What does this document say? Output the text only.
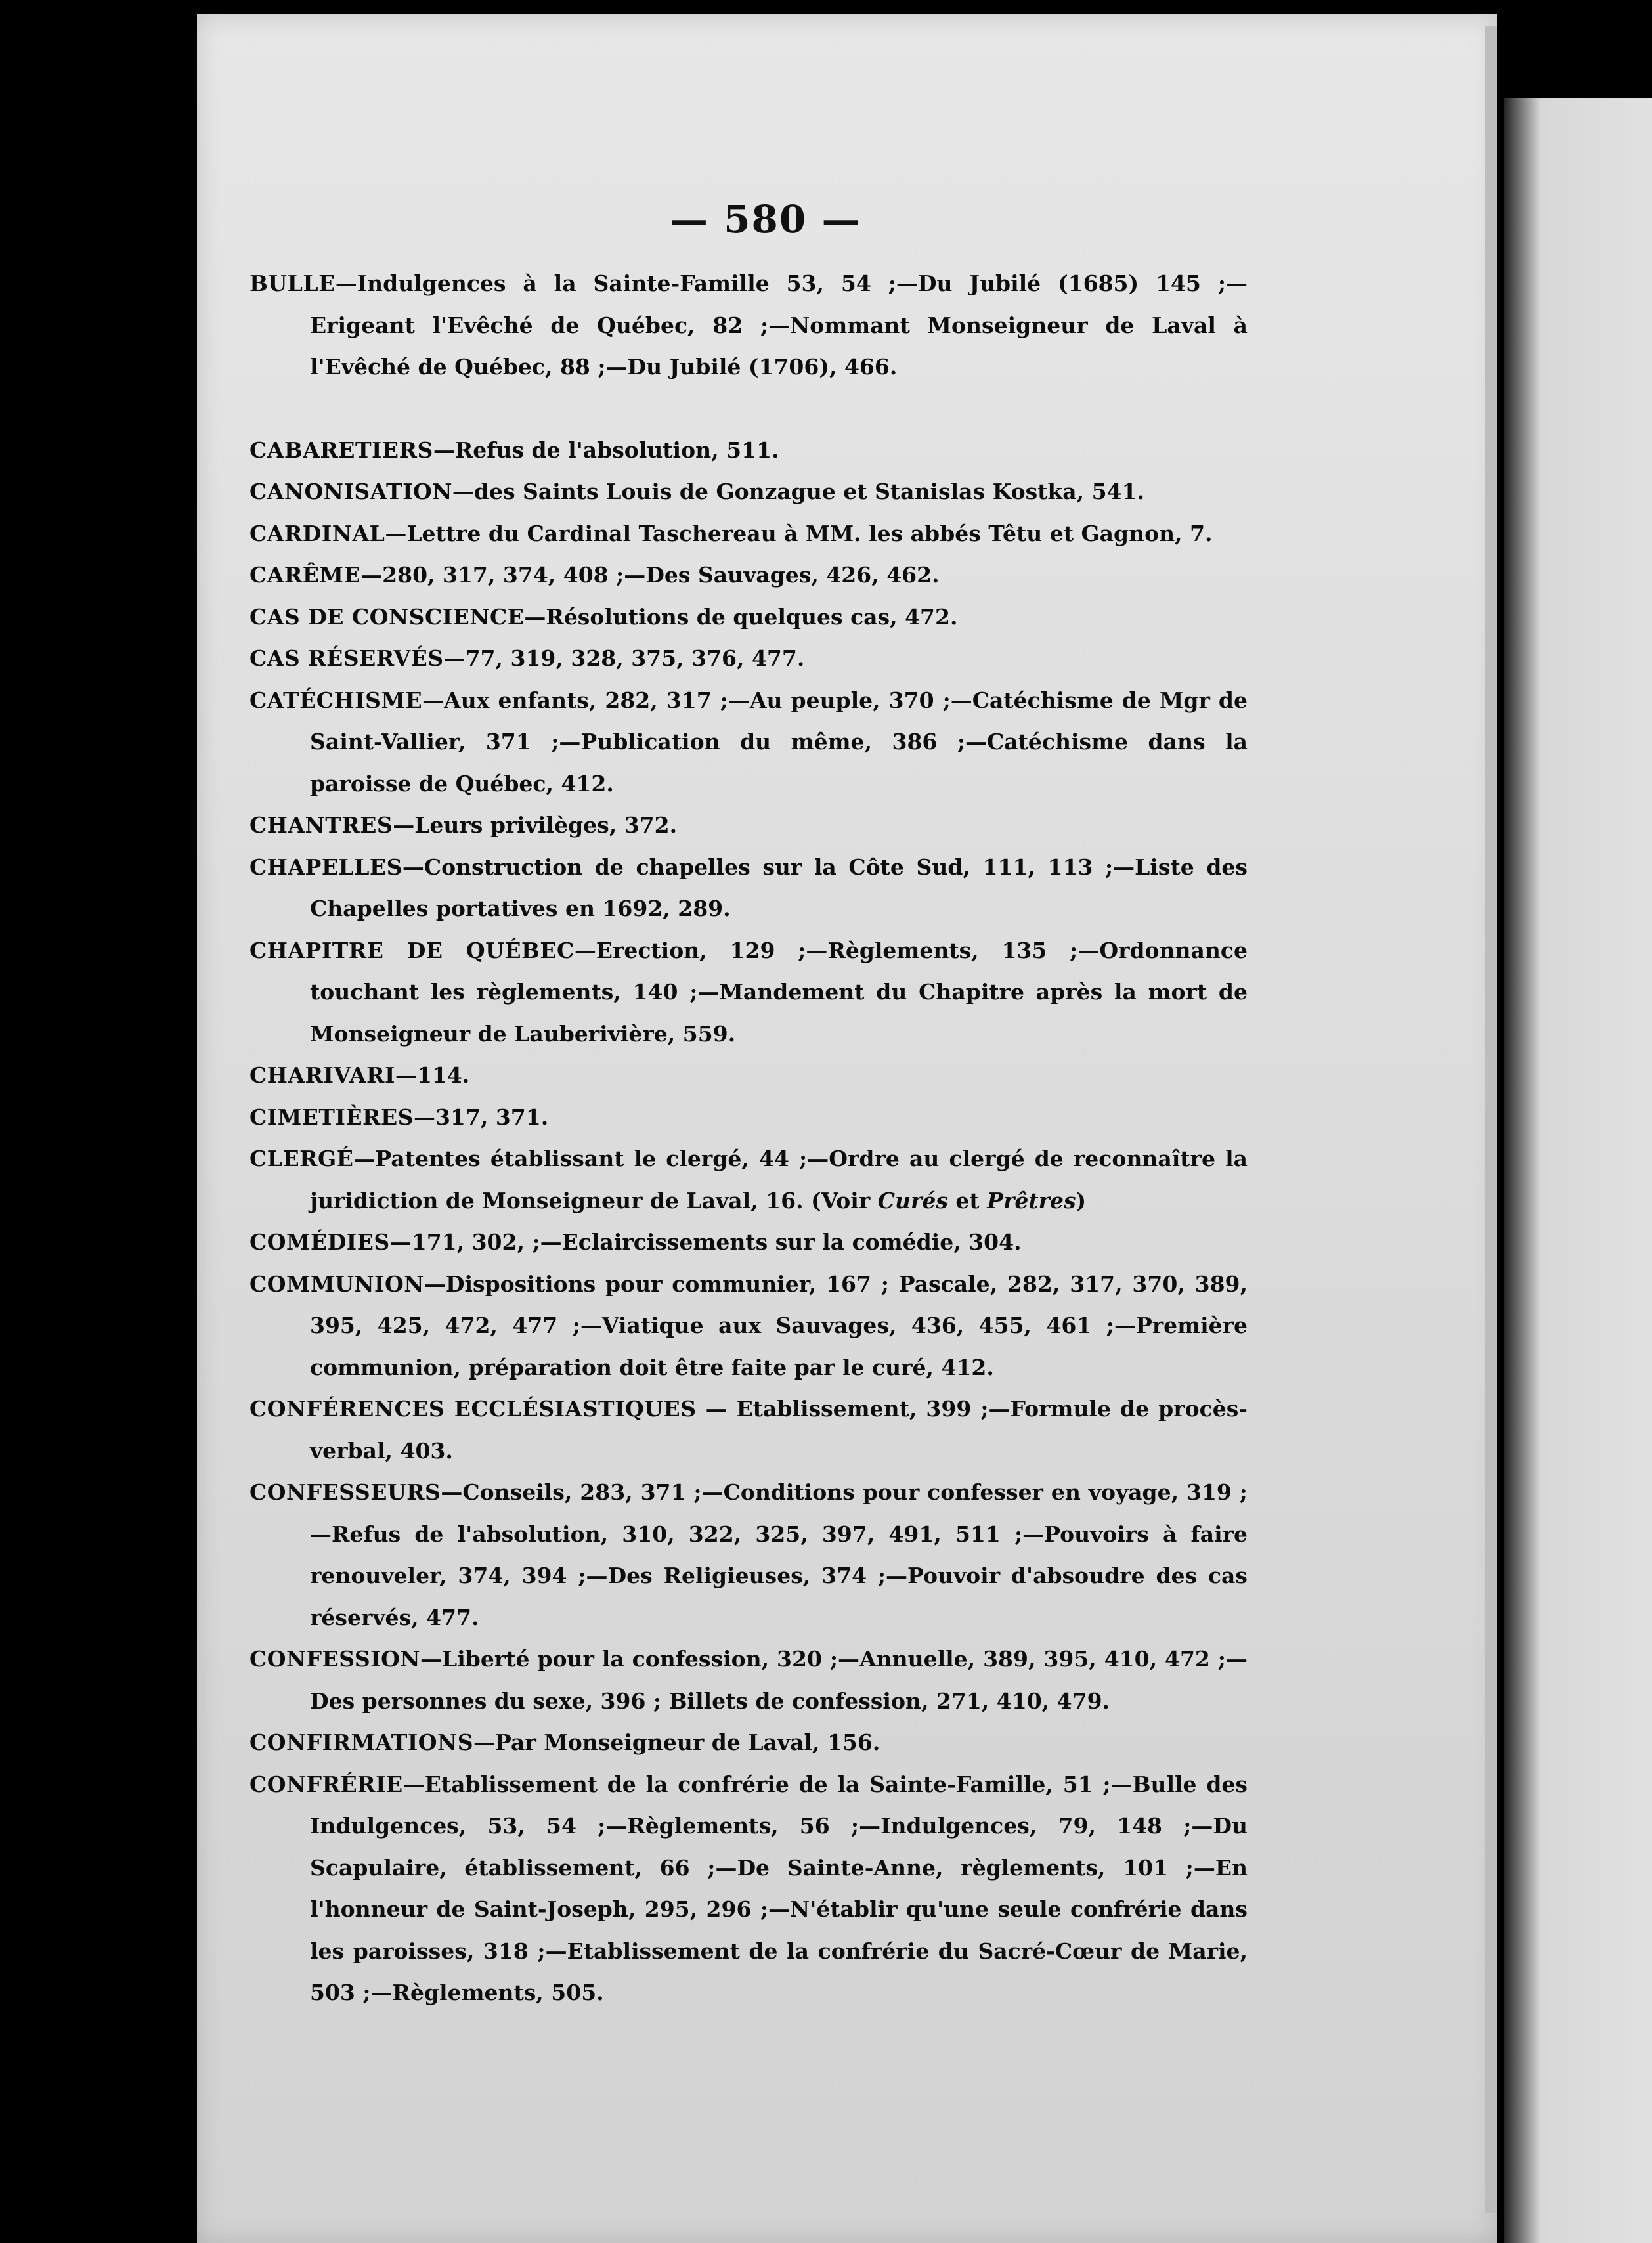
— 580 —

BULLE—Indulgences à la Sainte-Famille 53, 54 ;—Du Jubilé (1685) 145 ;—Erigeant l'Evêché de Québec, 82 ;—Nommant Monseigneur de Laval à l'Evêché de Québec, 88 ;—Du Jubilé (1706), 466.

CABARETIERS—Refus de l'absolution, 511.

CANONISATION—des Saints Louis de Gonzague et Stanislas Kostka, 541.

CARDINAL—Lettre du Cardinal Taschereau à MM. les abbés Têtu et Gagnon, 7.

CARÊME—280, 317, 374, 408 ;—Des Sauvages, 426, 462.

CAS DE CONSCIENCE—Résolutions de quelques cas, 472.

CAS RÉSERVÉS—77, 319, 328, 375, 376, 477.

CATÉCHISME—Aux enfants, 282, 317 ;—Au peuple, 370 ;—Catéchisme de Mgr de Saint-Vallier, 371 ;—Publication du même, 386 ;—Catéchisme dans la paroisse de Québec, 412.

CHANTRES—Leurs privilèges, 372.

CHAPELLES—Construction de chapelles sur la Côte Sud, 111, 113 ;—Liste des Chapelles portatives en 1692, 289.

CHAPITRE DE QUÉBEC—Erection, 129 ;—Règlements, 135 ;—Ordonnance touchant les règlements, 140 ;—Mandement du Chapitre après la mort de Monseigneur de Lauberivière, 559.

CHARIVARI—114.

CIMETIÈRES—317, 371.

CLERGÉ—Patentes établissant le clergé, 44 ;—Ordre au clergé de reconnaître la juridiction de Monseigneur de Laval, 16. (Voir Curés et Prêtres)

COMÉDIES—171, 302, ;—Eclaircissements sur la comédie, 304.

COMMUNION—Dispositions pour communier, 167 ; Pascale, 282, 317, 370, 389, 395, 425, 472, 477 ;—Viatique aux Sauvages, 436, 455, 461 ;—Première communion, préparation doit être faite par le curé, 412.

CONFÉRENCES ECCLÉSIASTIQUES — Etablissement, 399 ;—Formule de procès-verbal, 403.

CONFESSEURS—Conseils, 283, 371 ;—Conditions pour confesser en voyage, 319 ;—Refus de l'absolution, 310, 322, 325, 397, 491, 511 ;—Pouvoirs à faire renouveler, 374, 394 ;—Des Religieuses, 374 ;—Pouvoir d'absoudre des cas réservés, 477.

CONFESSION—Liberté pour la confession, 320 ;—Annuelle, 389, 395, 410, 472 ;—Des personnes du sexe, 396 ; Billets de confession, 271, 410, 479.

CONFIRMATIONS—Par Monseigneur de Laval, 156.

CONFRÉRIE—Etablissement de la confrérie de la Sainte-Famille, 51 ;—Bulle des Indulgences, 53, 54 ;—Règlements, 56 ;—Indulgences, 79, 148 ;—Du Scapulaire, établissement, 66 ;—De Sainte-Anne, règlements, 101 ;—En l'honneur de Saint-Joseph, 295, 296 ;—N'établir qu'une seule confrérie dans les paroisses, 318 ;—Etablissement de la confrérie du Sacré-Cœur de Marie, 503 ;—Règlements, 505.
